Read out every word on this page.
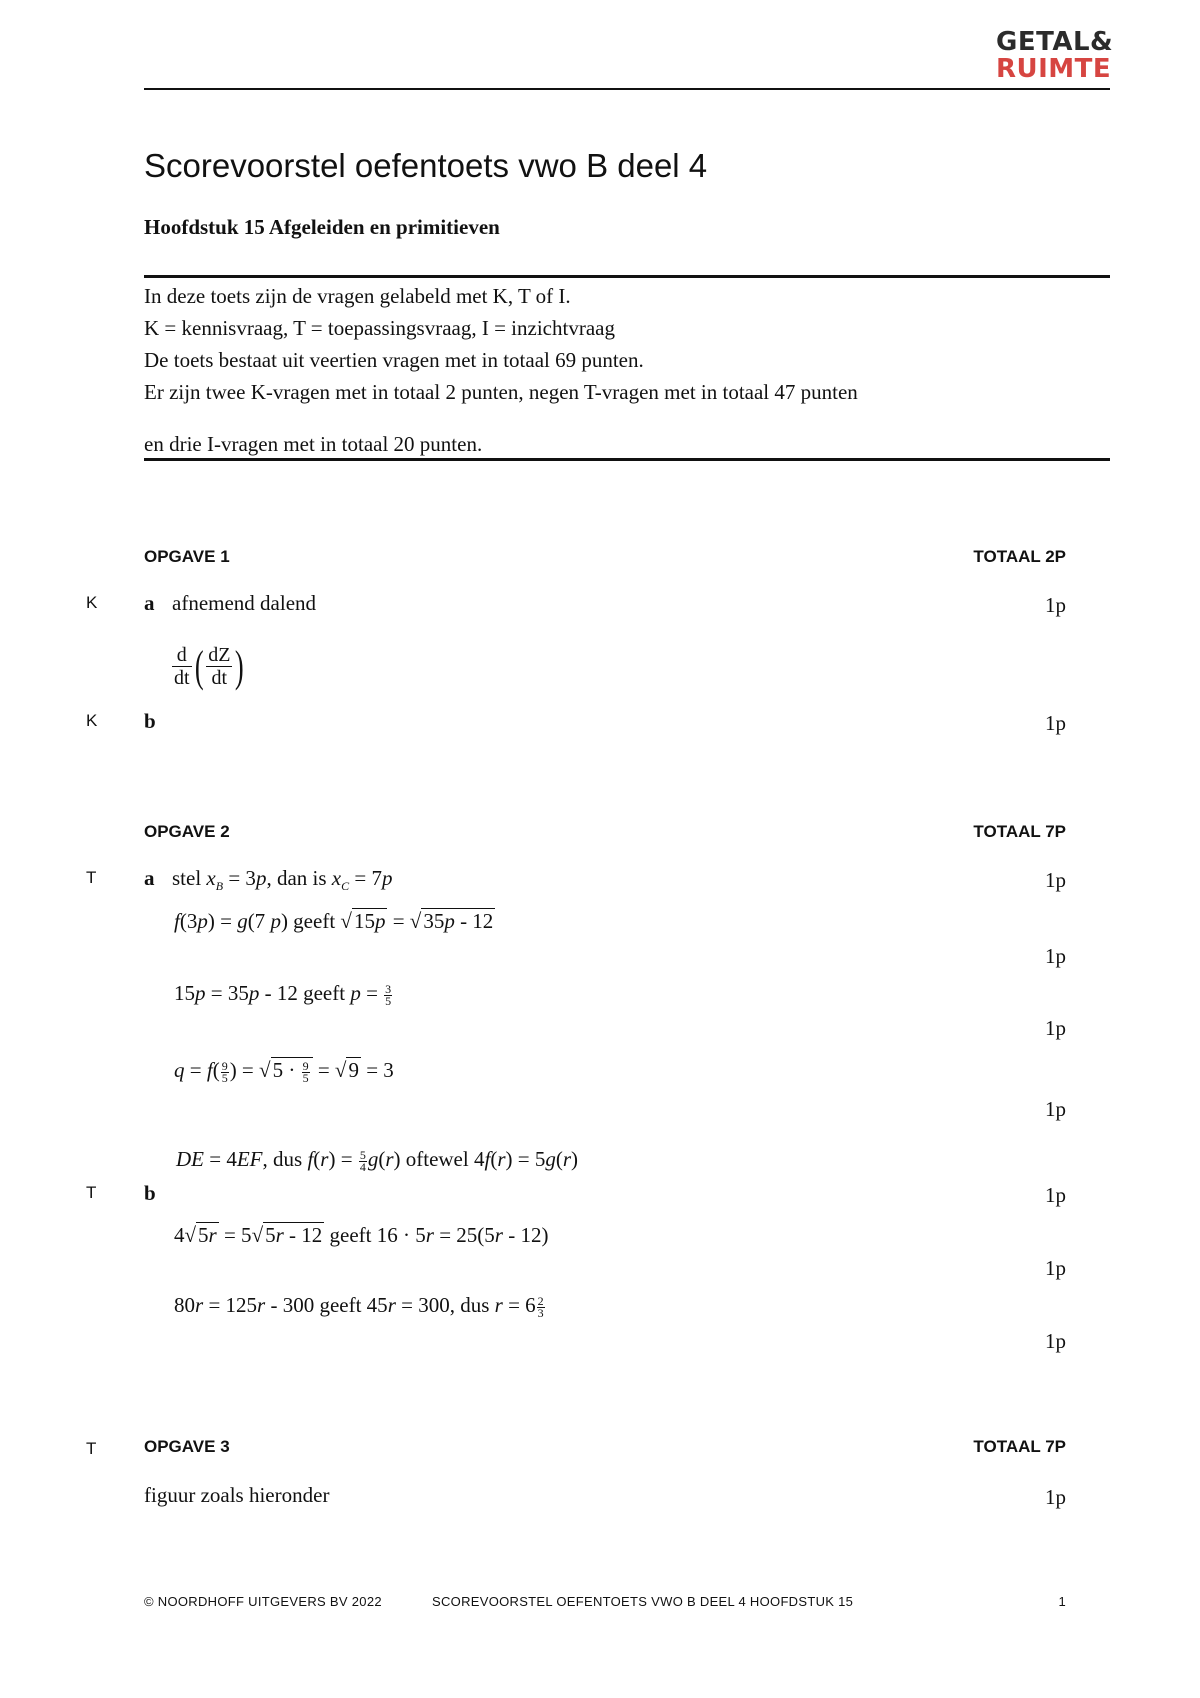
GETAL&
RUIMTE
Scorevoorstel oefentoets vwo B deel 4
Hoofdstuk 15 Afgeleiden en primitieven
In deze toets zijn de vragen gelabeld met K, T of I.
K = kennisvraag, T = toepassingsvraag, I = inzichtvraag
De toets bestaat uit veertien vragen met in totaal 69 punten.
Er zijn twee K-vragen met in totaal 2 punten, negen T-vragen met in totaal 47 punten
en drie I-vragen met in totaal 20 punten.
OPGAVE 1	TOTAAL 2P
K a afnemend dalend	1p
$\frac{d}{dt}$ ( $\frac{dZ}{dt}$ )
K b	1p
OPGAVE 2	TOTAAL 7P
T a stel $x_B = 3p$, dan is $x_C = 7p$	1p
f(3p) = g(7 p) geeft √15p = √35p - 12
1p
15p = 35p - 12 geeft $p = \frac{3}{5}$
1p
$q = f( \frac{9}{5}$ ) = $√5 \cdot \frac{9}{5} = √9 = 3$
1p
DE = 4EF, dus $f(r) = \frac{5}{4} g(r)$ oftewel 4f(r) = 5g(r)
T b	1p
4√5r = 5√5r - 12 geeft 16 · 5r = 25(5r - 12)
1p
80r = 125r - 300 geeft 45r = 300, dus $r = 6 \frac{2}{3}$
1p
T	OPGAVE 3	TOTAAL 7P
figuur zoals hieronder	1p
© NOORDHOFF UITGEVERS BV 2022	SCOREVOORSTEL OEFENTOETS VWO B DEEL 4 HOOFDSTUK 15	1
